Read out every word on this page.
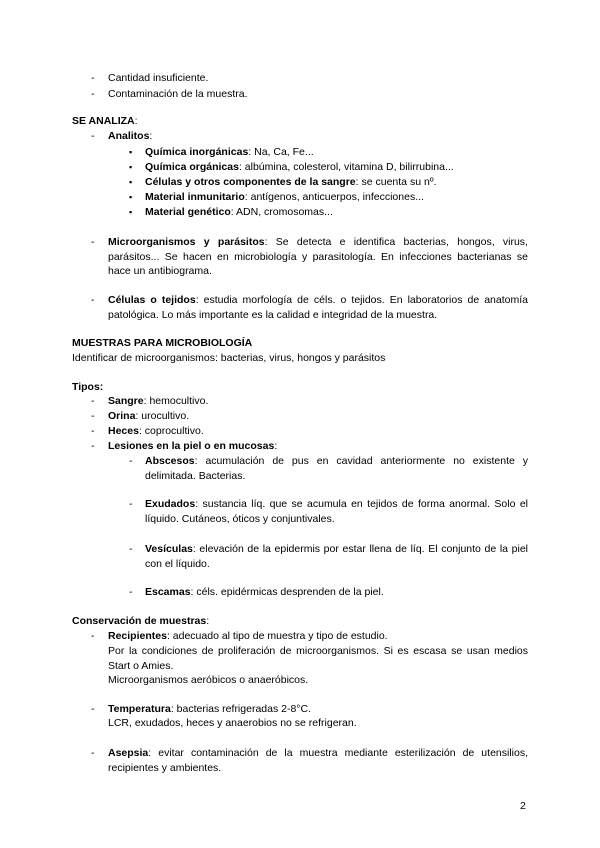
- Cantidad insuficiente.
- Contaminación de la muestra.
SE ANALIZA:
- Analitos:
▪ Química inorgánicas: Na, Ca, Fe...
▪ Química orgánicas: albúmina, colesterol, vitamina D, bilirrubina...
▪ Células y otros componentes de la sangre: se cuenta su nº.
▪ Material inmunitario: antígenos, anticuerpos, infecciones...
▪ Material genético: ADN, cromosomas...
- Microorganismos y parásitos: Se detecta e identifica bacterias, hongos, virus, parásitos... Se hacen en microbiología y parasitología. En infecciones bacterianas se hace un antibiograma.
- Células o tejidos: estudia morfología de céls. o tejidos. En laboratorios de anatomía patológica. Lo más importante es la calidad e integridad de la muestra.
MUESTRAS PARA MICROBIOLOGÍA
Identificar de microorganismos: bacterias, virus, hongos y parásitos
Tipos:
- Sangre: hemocultivo.
- Orina: urocultivo.
- Heces: coprocultivo.
- Lesiones en la piel o en mucosas:
- Abscesos: acumulación de pus en cavidad anteriormente no existente y delimitada. Bacterias.
- Exudados: sustancia líq. que se acumula en tejidos de forma anormal. Solo el líquido. Cutáneos, óticos y conjuntivales.
- Vesículas: elevación de la epidermis por estar llena de líq. El conjunto de la piel con el líquido.
- Escamas: céls. epidérmicas desprenden de la piel.
Conservación de muestras:
- Recipientes: adecuado al tipo de muestra y tipo de estudio.
Por la condiciones de proliferación de microorganismos. Si es escasa se usan medios Start o Amies.
Microorganismos aeróbicos o anaeróbicos.
- Temperatura: bacterias refrigeradas 2-8°C.
LCR, exudados, heces y anaerobios no se refrigeran.
- Asepsia: evitar contaminación de la muestra mediante esterilización de utensilios, recipientes y ambientes.
2
